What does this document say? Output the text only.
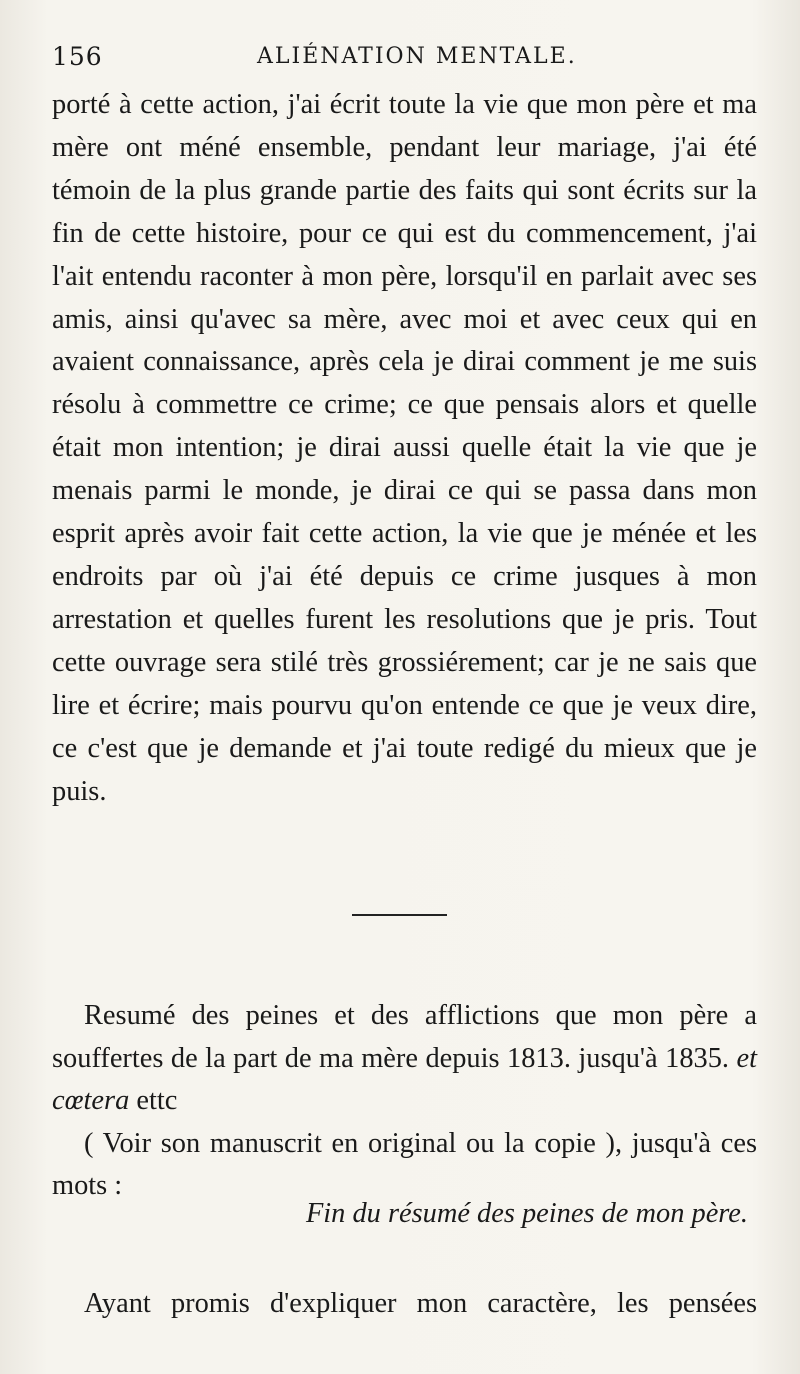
156	ALIÉNATION MENTALE.
porté à cette action, j'ai écrit toute la vie que mon père et ma mère ont méné ensemble, pendant leur mariage, j'ai été témoin de la plus grande partie des faits qui sont écrits sur la fin de cette histoire, pour ce qui est du commencement, j'ai l'ait entendu raconter à mon père, lorsqu'il en parlait avec ses amis, ainsi qu'avec sa mère, avec moi et avec ceux qui en avaient connaissance, après cela je dirai comment je me suis résolu à commettre ce crime; ce que pensais alors et quelle était mon intention; je dirai aussi quelle était la vie que je menais parmi le monde, je dirai ce qui se passa dans mon esprit après avoir fait cette action, la vie que je ménée et les endroits par où j'ai été depuis ce crime jusques à mon arrestation et quelles furent les resolutions que je pris. Tout cette ouvrage sera stilé très grossiérement; car je ne sais que lire et écrire; mais pourvu qu'on entende ce que je veux dire, ce c'est que je demande et j'ai toute redigé du mieux que je puis.

Resumé des peines et des afflictions que mon père a souffertes de la part de ma mère depuis 1813. jusqu'à 1835. et cœtera ettc

( Voir son manuscrit en original ou la copie ), jusqu'à ces mots :

Fin du résumé des peines de mon père.
Ayant promis d'expliquer mon caractère, les pensées
